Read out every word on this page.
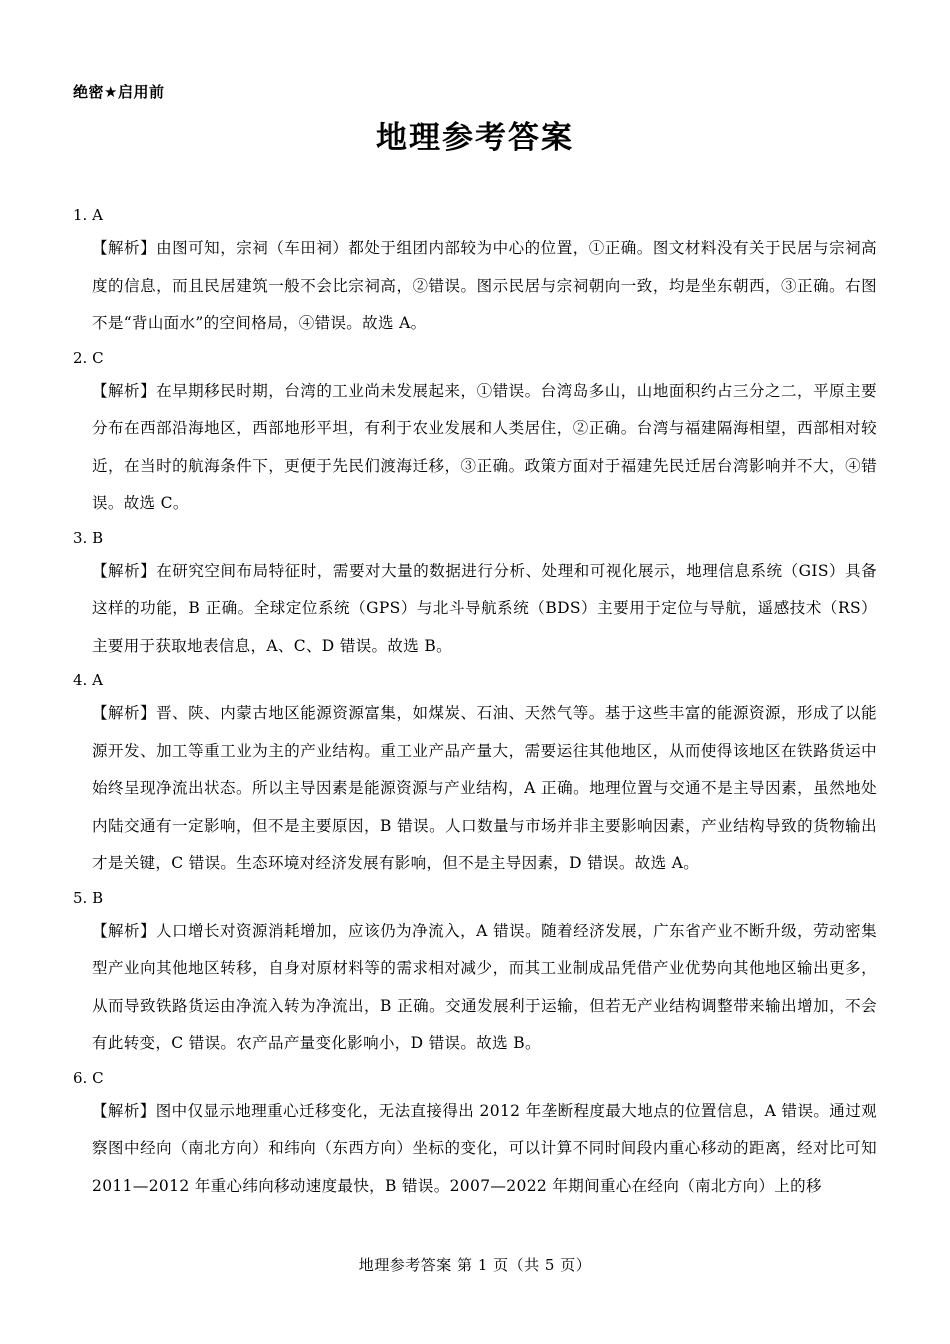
绝密★启用前
地理参考答案

1. A

【解析】由图可知，宗祠（车田祠）都处于组团内部较为中心的位置，①正确。图文材料没有关于民居与宗祠高度的信息，而且民居建筑一般不会比宗祠高，②错误。图示民居与宗祠朝向一致，均是坐东朝西，③正确。右图不是“背山面水”的空间格局，④错误。故选 A。

2. C

【解析】在早期移民时期，台湾的工业尚未发展起来，①错误。台湾岛多山，山地面积约占三分之二，平原主要分布在西部沿海地区，西部地形平坦，有利于农业发展和人类居住，②正确。台湾与福建隔海相望，西部相对较近，在当时的航海条件下，更便于先民们渡海迁移，③正确。政策方面对于福建先民迁居台湾影响并不大，④错误。故选 C。

3. B

【解析】在研究空间布局特征时，需要对大量的数据进行分析、处理和可视化展示，地理信息系统（GIS）具备这样的功能，B 正确。全球定位系统（GPS）与北斗导航系统（BDS）主要用于定位与导航，遥感技术（RS）主要用于获取地表信息，A、C、D 错误。故选 B。

4. A

【解析】晋、陕、内蒙古地区能源资源富集，如煤炭、石油、天然气等。基于这些丰富的能源资源，形成了以能源开发、加工等重工业为主的产业结构。重工业产品产量大，需要运往其他地区，从而使得该地区在铁路货运中始终呈现净流出状态。所以主导因素是能源资源与产业结构，A 正确。地理位置与交通不是主导因素，虽然地处内陆交通有一定影响，但不是主要原因，B 错误。人口数量与市场并非主要影响因素，产业结构导致的货物输出才是关键，C 错误。生态环境对经济发展有影响，但不是主导因素，D 错误。故选 A。

5. B

【解析】人口增长对资源消耗增加，应该仍为净流入，A 错误。随着经济发展，广东省产业不断升级，劳动密集型产业向其他地区转移，自身对原材料等的需求相对减少，而其工业制成品凭借产业优势向其他地区输出更多，从而导致铁路货运由净流入转为净流出，B 正确。交通发展利于运输，但若无产业结构调整带来输出增加，不会有此转变，C 错误。农产品产量变化影响小，D 错误。故选 B。

6. C

【解析】图中仅显示地理重心迁移变化，无法直接得出 2012 年垄断程度最大地点的位置信息，A 错误。通过观察图中经向（南北方向）和纬向（东西方向）坐标的变化，可以计算不同时间段内重心移动的距离，经对比可知 2011—2012 年重心纬向移动速度最快，B 错误。2007—2022 年期间重心在经向（南北方向）上的移

地理参考答案 第 1 页（共 5 页）
